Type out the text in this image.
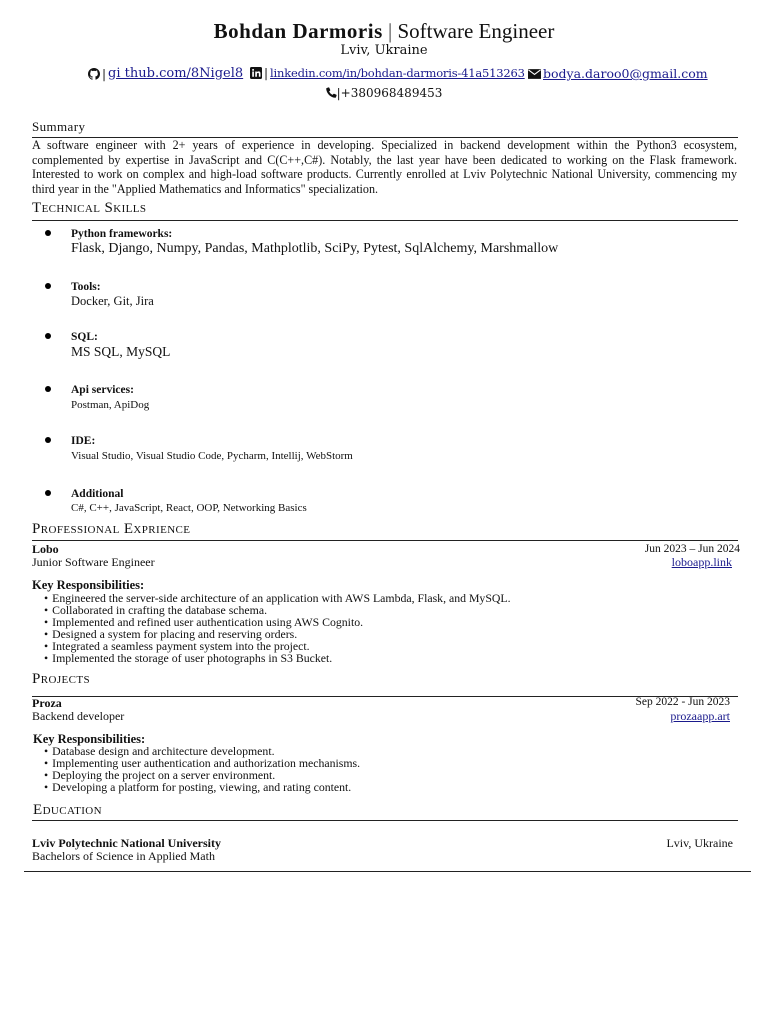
Bohdan Darmoris | Software Engineer
Lviv, Ukraine
| gi thub.com/8Nigel8 | linkedin.com/in/bohdan-darmoris-41a513263 bodya.daroo0@gmail.com
|+380968489453
Summary
A software engineer with 2+ years of experience in developing. Specialized in backend development within the Python3 ecosystem, complemented by expertise in JavaScript and C(C++,C#). Notably, the last year have been dedicated to working on the Flask framework. Interested to work on complex and high-load software products. Currently enrolled at Lviv Polytechnic National University, commencing my third year in the "Applied Mathematics and Informatics" specialization.
Technical Skills
Python frameworks:
Flask, Django, Numpy, Pandas, Mathplotlib, SciPy, Pytest, SqlAlchemy, Marshmallow
Tools:
Docker, Git, Jira
SQL:
MS SQL, MySQL
Api services:
Postman, ApiDog
IDE:
Visual Studio, Visual Studio Code, Pycharm, Intellij, WebStorm
Additional
C#, C++, JavaScript, React, OOP, Networking Basics
Professional Exprience
Lobo
Junior Software Engineer
Jun 2023 – Jun 2024
loboapp.link
Key Responsibilities:
• Engineered the server-side architecture of an application with AWS Lambda, Flask, and MySQL.
• Collaborated in crafting the database schema.
• Implemented and refined user authentication using AWS Cognito.
• Designed a system for placing and reserving orders.
• Integrated a seamless payment system into the project.
• Implemented the storage of user photographs in S3 Bucket.
Projects
Proza
Backend developer
Sep 2022 - Jun 2023
prozaapp.art
Key Responsibilities:
• Database design and architecture development.
• Implementing user authentication and authorization mechanisms.
• Deploying the project on a server environment.
• Developing a platform for posting, viewing, and rating content.
Education
Lviv Polytechnic National University
Bachelors of Science in Applied Math
Lviv, Ukraine
